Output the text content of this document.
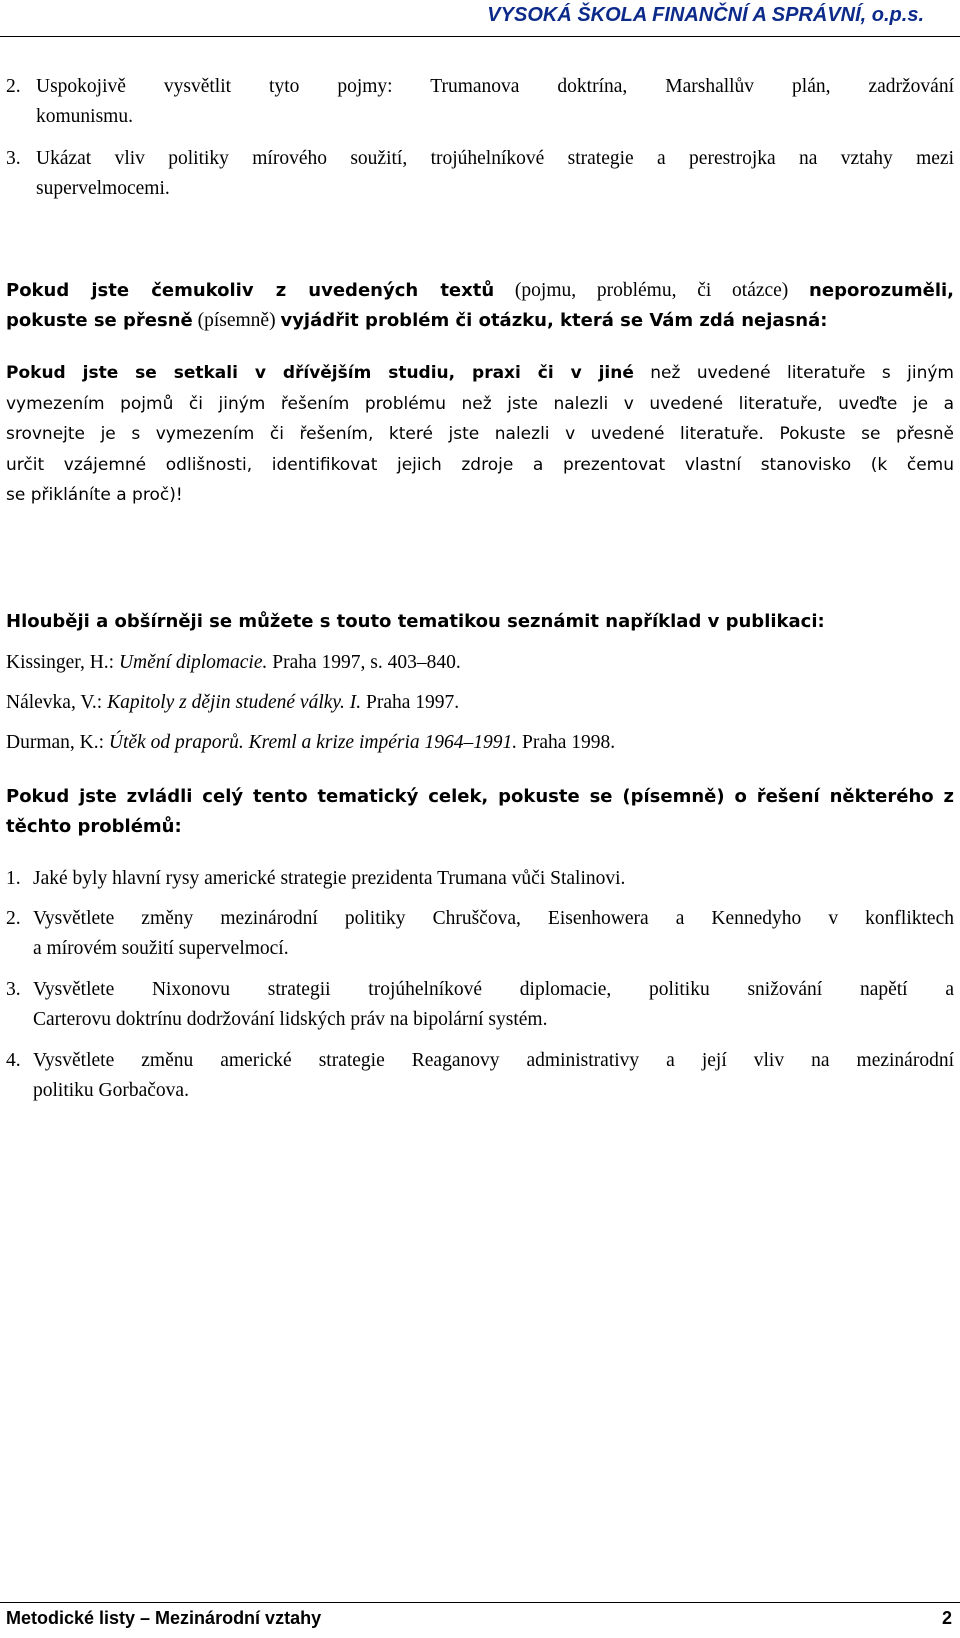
VYSOKÁ ŠKOLA FINANČNÍ A SPRÁVNÍ, o.p.s.
2. Uspokojivě vysvětlit tyto pojmy: Trumanova doktrína, Marshallův plán, zadržování
komunismu.
3. Ukázat vliv politiky mírového soužití, trojúhelníkové strategie a perestrojka na vztahy mezi
supervelmocemi.
Pokud jste čemukoliv z uvedených textů (pojmu, problému, či otázce) neporozuměli,
pokuste se přesně (písemně) vyjádřit problém či otázku, která se Vám zdá nejasná:
Pokud jste se setkali v dřívějším studiu, praxi či v jiné než uvedené literatuře s jiným
vymezením pojmů či jiným řešením problému než jste nalezli v uvedené literatuře, uveďte je a
srovnejte je s vymezením či řešením, které jste nalezli v uvedené literatuře. Pokuste se přesně
určit vzájemné odlišnosti, identifikovat jejich zdroje a prezentovat vlastní stanovisko (k čemu
se přikláníte a proč)!
Hlouběji a obšírněji se můžete s touto tematikou seznámit například v publikaci:
Kissinger, H.: Umění diplomacie. Praha 1997, s. 403–840.
Nálevka, V.: Kapitoly z dějin studené války. I. Praha 1997.
Durman, K.: Útěk od praporů. Kreml a krize impéria 1964–1991. Praha 1998.
Pokud jste zvládli celý tento tematický celek, pokuste se (písemně) o řešení některého z
těchto problémů:
1. Jaké byly hlavní rysy americké strategie prezidenta Trumana vůči Stalinovi.
2. Vysvětlete změny mezinárodní politiky Chruščova, Eisenhowera a Kennedyho v konfliktech
a mírovém soužití supervelmocí.
3. Vysvětlete Nixonovu strategii trojúhelníkové diplomacie, politiku snižování napětí a
Carterovu doktrínu dodržování lidských práv na bipolární systém.
4. Vysvětlete změnu americké strategie Reaganovy administrativy a její vliv na mezinárodní
politiku Gorbačova.
Metodické listy – Mezinárodní vztahy	2
